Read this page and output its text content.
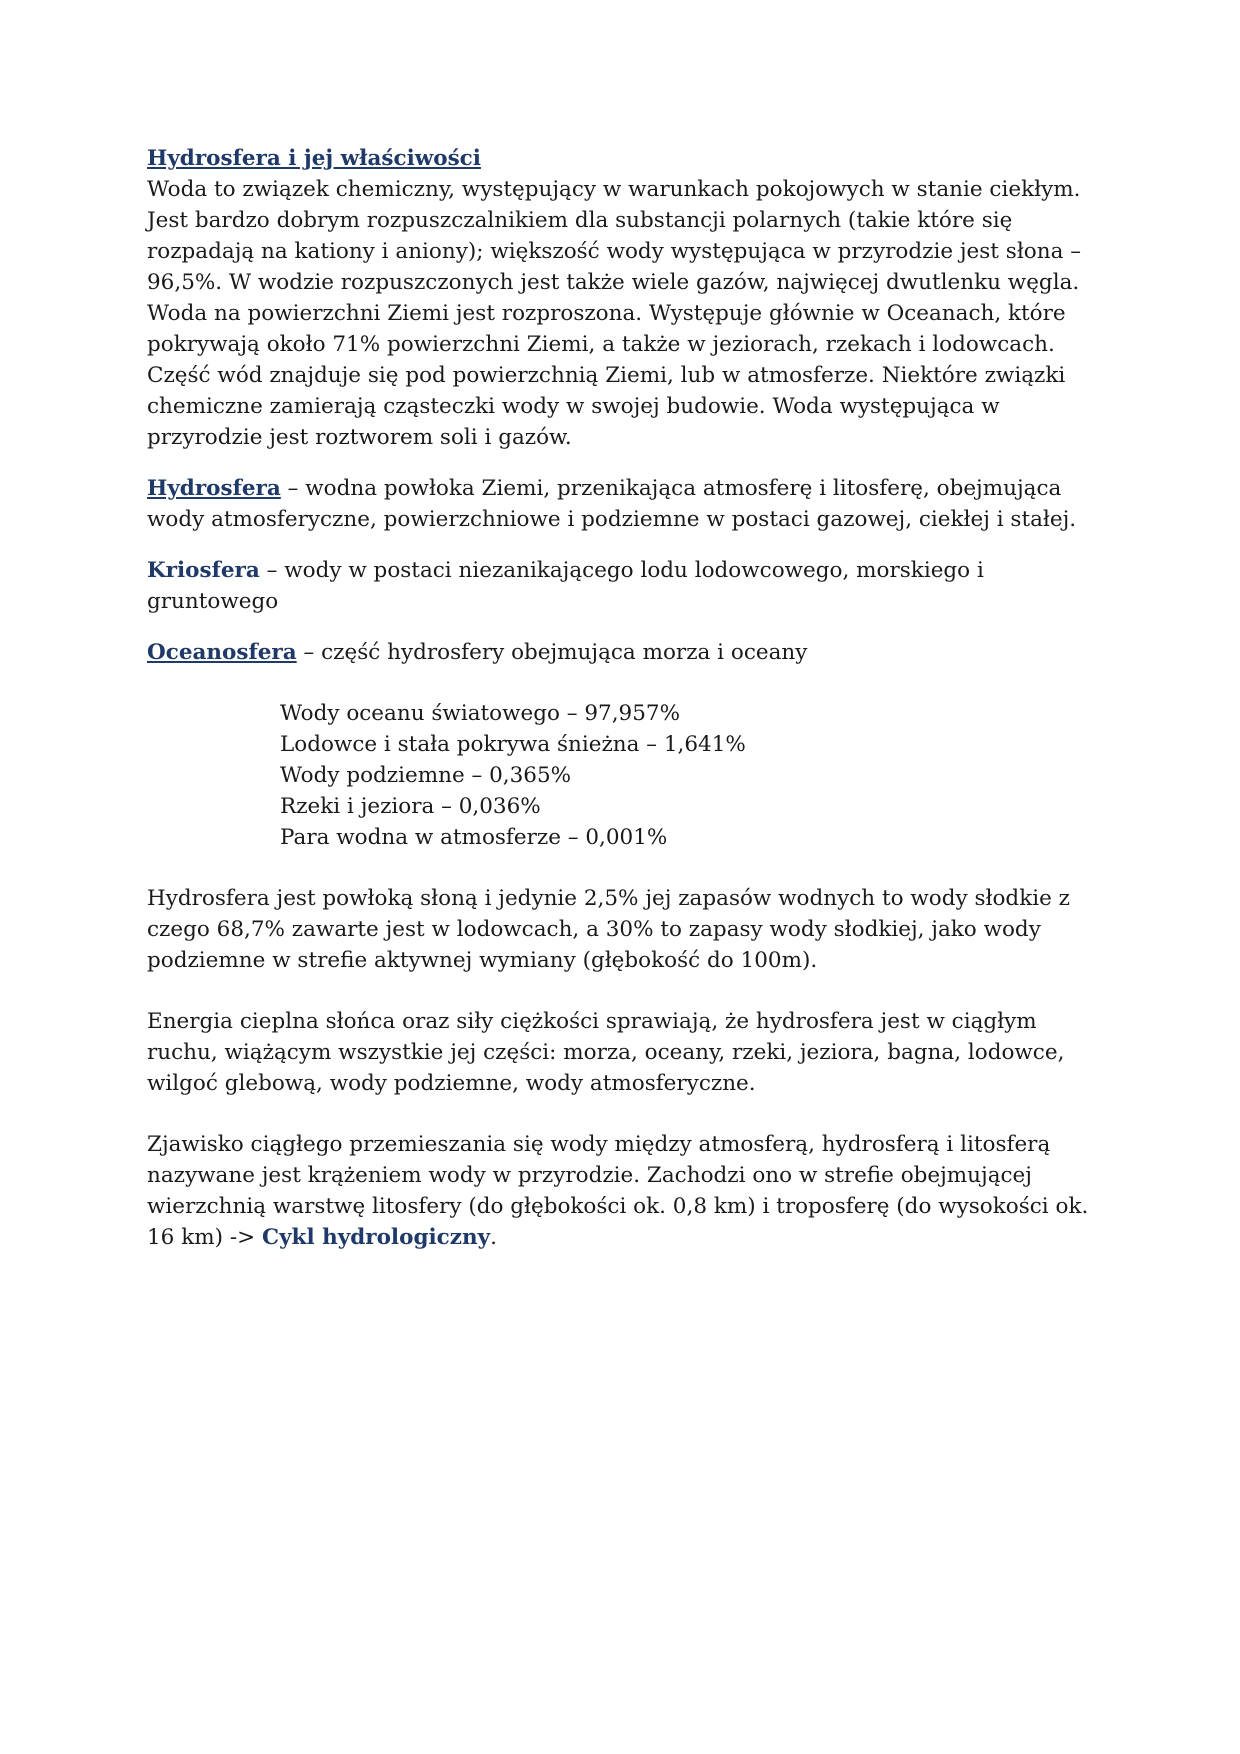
Hydrosfera i jej właściwości

Woda to związek chemiczny, występujący w warunkach pokojowych w stanie ciekłym. Jest bardzo dobrym rozpuszczalnikiem dla substancji polarnych (takie które się rozpadają na kationy i aniony); większość wody występująca w przyrodzie jest słona – 96,5%. W wodzie rozpuszczonych jest także wiele gazów, najwięcej dwutlenku węgla.

Woda na powierzchni Ziemi jest rozproszona. Występuje głównie w Oceanach, które pokrywają około 71% powierzchni Ziemi, a także w jeziorach, rzekach i lodowcach. Część wód znajduje się pod powierzchnią Ziemi, lub w atmosferze. Niektóre związki chemiczne zamierają cząsteczki wody w swojej budowie. Woda występująca w przyrodzie jest roztworem soli i gazów.

Hydrosfera – wodna powłoka Ziemi, przenikająca atmosferę i litosferę, obejmująca wody atmosferyczne, powierzchniowe i podziemne w postaci gazowej, ciekłej i stałej.

Kriosfera – wody w postaci niezanikającego lodu lodowcowego, morskiego i gruntowego

Oceanosfera – część hydrosfery obejmująca morza i oceany

Wody oceanu światowego – 97,957%
Lodowce i stała pokrywa śnieżna – 1,641%
Wody podziemne – 0,365%
Rzeki i jeziora – 0,036%
Para wodna w atmosferze – 0,001%

Hydrosfera jest powłoką słoną i jedynie 2,5% jej zapasów wodnych to wody słodkie z czego 68,7% zawarte jest w lodowcach, a 30% to zapasy wody słodkiej, jako wody podziemne w strefie aktywnej wymiany (głębokość do 100m).

Energia cieplna słońca oraz siły ciężkości sprawiają, że hydrosfera jest w ciągłym ruchu, wiążącym wszystkie jej części: morza, oceany, rzeki, jeziora, bagna, lodowce, wilgoć glebową, wody podziemne, wody atmosferyczne.

Zjawisko ciągłego przemieszania się wody między atmosferą, hydrosferą i litosferą nazywane jest krążeniem wody w przyrodzie. Zachodzi ono w strefie obejmującej wierzchnią warstwę litosfery (do głębokości ok. 0,8 km) i troposferę (do wysokości ok. 16 km) -> Cykl hydrologiczny.
